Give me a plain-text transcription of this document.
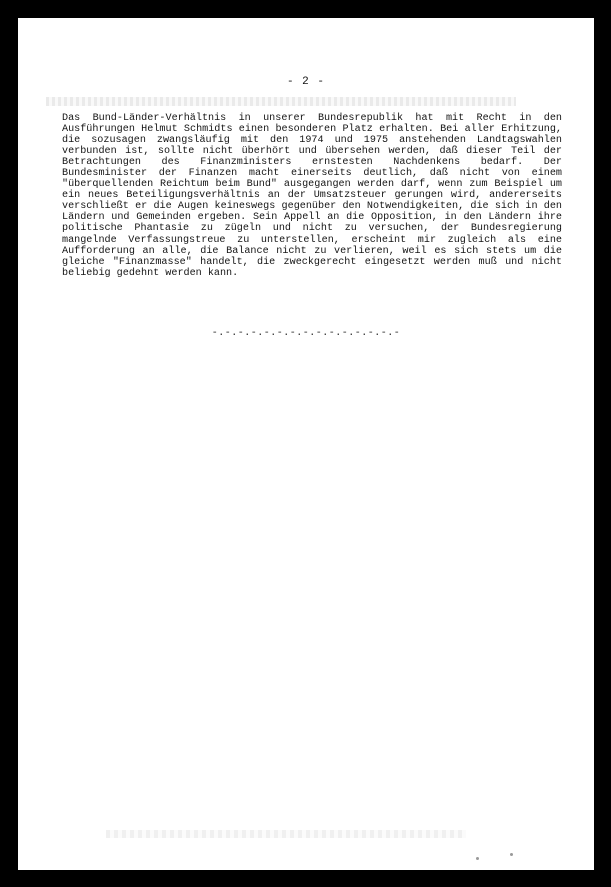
- 2 -

Das Bund-Länder-Verhältnis in unserer Bundesrepublik hat mit Recht in den Ausführungen Helmut Schmidts einen besonderen Platz erhalten. Bei aller Erhitzung, die sozusagen zwangsläufig mit den 1974 und 1975 anstehenden Landtagswahlen verbunden ist, sollte nicht überhört und übersehen werden, daß dieser Teil der Betrachtungen des Finanzministers ernstesten Nachdenkens bedarf. Der Bundesminister der Finanzen macht einerseits deutlich, daß nicht von einem "überquellenden Reichtum beim Bund" ausgegangen werden darf, wenn zum Beispiel um ein neues Beteiligungsverhältnis an der Umsatzsteuer gerungen wird, andererseits verschließt er die Augen keineswegs gegenüber den Notwendigkeiten, die sich in den Ländern und Gemeinden ergeben. Sein Appell an die Opposition, in den Ländern ihre politische Phantasie zu zügeln und nicht zu versuchen, der Bundesregierung mangelnde Verfassungstreue zu unterstellen, erscheint mir zugleich als eine Aufforderung an alle, die Balance nicht zu verlieren, weil es sich stets um die gleiche "Finanzmasse" handelt, die zweckgerecht eingesetzt werden muß und nicht beliebig gedehnt werden kann.

-.-.-.-.-.-.-.-.-.-.-.-.-.-.-
